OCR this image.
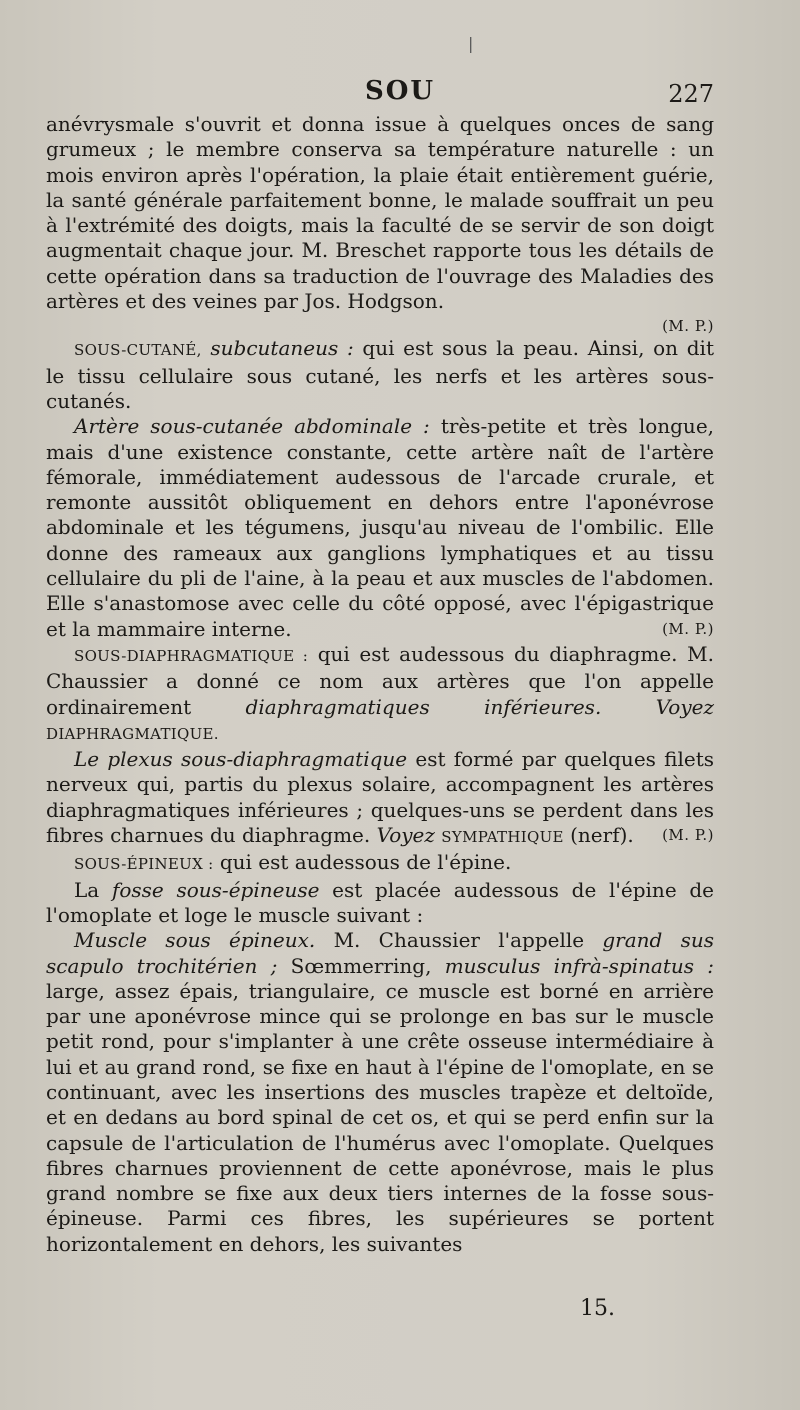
|
SOU	227

anévrysmale s'ouvrit et donna issue à quelques onces de sang grumeux ; le membre conserva sa température naturelle : un mois environ après l'opération, la plaie était entièrement guérie, la santé générale parfaitement bonne, le malade souffrait un peu à l'extrémité des doigts, mais la faculté de se servir de son doigt augmentait chaque jour. M. Breschet rapporte tous les détails de cette opération dans sa traduction de l'ouvrage des Maladies des artères et des veines par Jos. Hodgson.

(M. P.)

SOUS-CUTANÉ, subcutaneus : qui est sous la peau. Ainsi, on dit le tissu cellulaire sous cutané, les nerfs et les artères sous-cutanés.

Artère sous-cutanée abdominale : très-petite et très longue, mais d'une existence constante, cette artère naît de l'artère fémorale, immédiatement audessous de l'arcade crurale, et remonte aussitôt obliquement en dehors entre l'aponévrose abdominale et les tégumens, jusqu'au niveau de l'ombilic. Elle donne des rameaux aux ganglions lymphatiques et au tissu cellulaire du pli de l'aine, à la peau et aux muscles de l'abdomen. Elle s'anastomose avec celle du côté opposé, avec l'épigastrique et la mammaire interne.	(M. P.)

SOUS-DIAPHRAGMATIQUE : qui est audessous du diaphragme. M. Chaussier a donné ce nom aux artères que l'on appelle ordinairement	diaphragmatiques inférieures.	Voyez DIAPHRAGMATIQUE.

Le plexus sous-diaphragmatique est formé par quelques filets nerveux qui, partis du plexus solaire, accompagnent les artères diaphragmatiques inférieures ; quelques-uns se perdent dans les fibres charnues du diaphragme. Voyez SYMPATHIQUE (nerf).	(M. P.)

SOUS-ÉPINEUX : qui est audessous de l'épine.

La fosse sous-épineuse est placée audessous de l'épine de l'omoplate et loge le muscle suivant :

Muscle sous épineux. M. Chaussier l'appelle grand sus scapulo trochitérien ; Sœmmerring, musculus infrà-spinatus : large, assez épais, triangulaire, ce muscle est borné en arrière par une aponévrose mince qui se prolonge en bas sur le muscle petit rond, pour s'implanter à une crête osseuse intermédiaire à lui et au grand rond, se fixe en haut à l'épine de l'omoplate, en se continuant, avec les insertions des muscles trapèze et deltoïde, et en dedans au bord spinal de cet os, et qui se perd enfin sur la capsule de l'articulation de l'humérus avec l'omoplate. Quelques fibres charnues proviennent de cette aponévrose, mais le plus grand nombre se fixe aux deux tiers internes de la fosse sous-épineuse. Parmi ces fibres, les supérieures se portent horizontalement en dehors, les suivantes

15.
